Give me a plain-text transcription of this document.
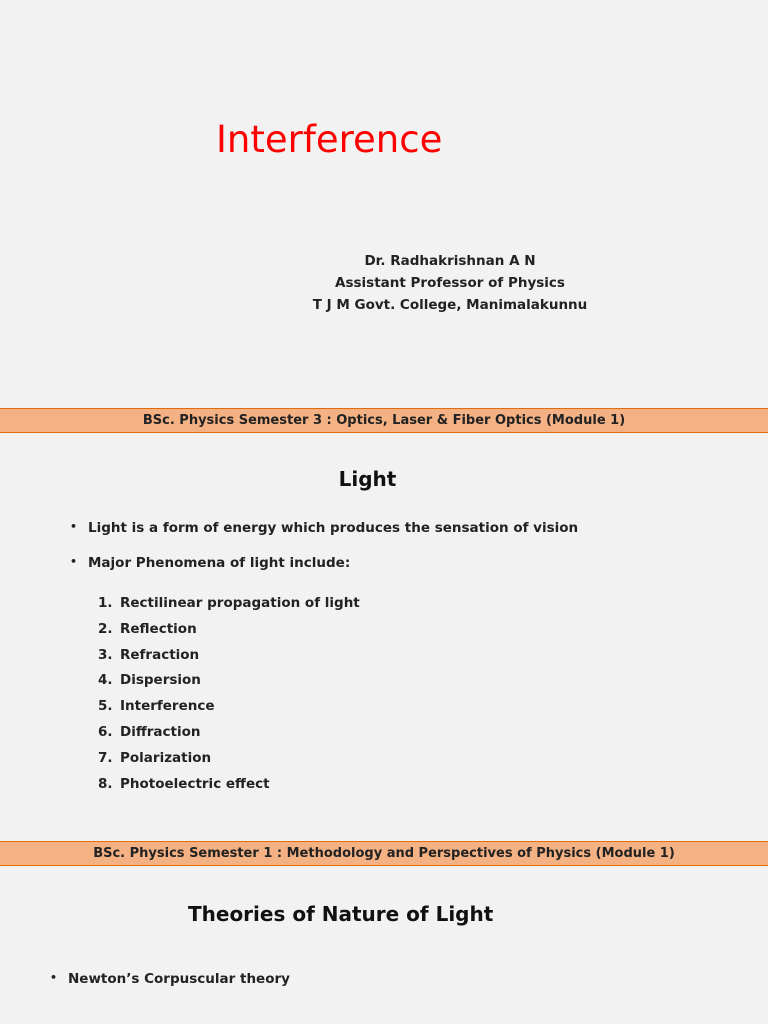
Interference
Dr. Radhakrishnan A N
Assistant Professor of Physics
T J M Govt. College, Manimalakunnu
BSc. Physics Semester 3 : Optics, Laser & Fiber Optics (Module 1)
Light
• Light is a form of energy which produces the sensation of vision
• Major Phenomena of light include:
1. Rectilinear propagation of light
2. Reflection
3. Refraction
4. Dispersion
5. Interference
6. Diffraction
7. Polarization
8. Photoelectric effect
BSc. Physics Semester 1 : Methodology and Perspectives of Physics (Module 1)
Theories of Nature of Light
• Newton’s Corpuscular theory
